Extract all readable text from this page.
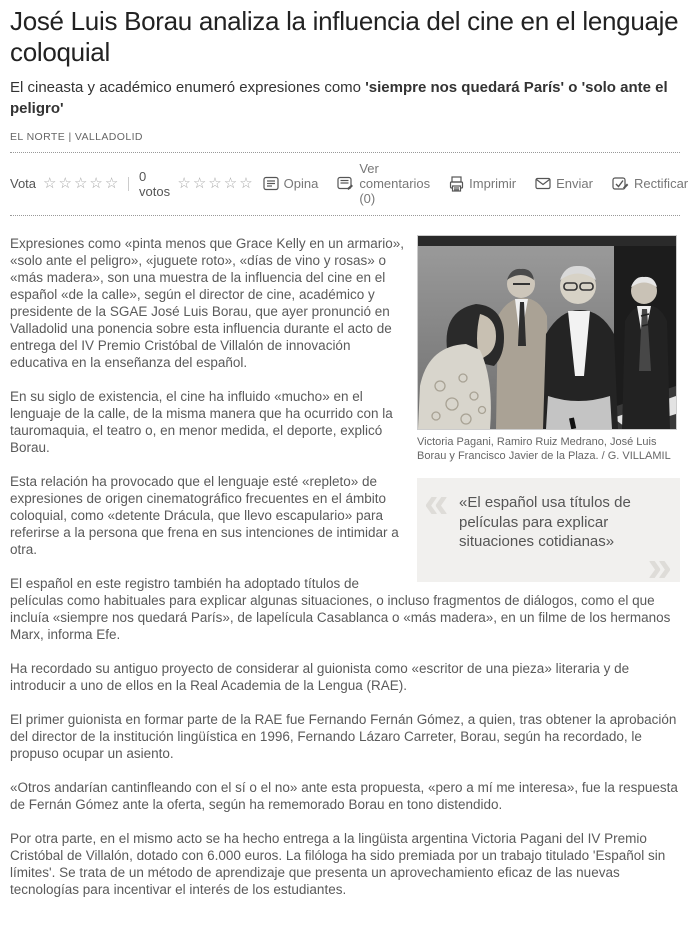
José Luis Borau analiza la influencia del cine en el lenguaje coloquial
El cineasta y académico enumeró expresiones como 'siempre nos quedará París' o 'solo ante el peligro'
EL NORTE | VALLADOLID
Vota ☆ ☆ ☆ ☆ ☆ 0 votos ☆ ☆ ☆ ☆ ☆ Opina
Ver comentarios (0)
Imprimir	Enviar	Rectificar
Victoria Pagani, Ramiro Ruiz Medrano, José Luis Borau y Francisco Javier de la Plaza. / G. VILLAMIL
« «El español usa títulos de películas para explicar situaciones cotidianas» »

Expresiones como «pinta menos que Grace Kelly en un armario», «solo ante el peligro», «juguete roto», «días de vino y rosas» o «más madera», son una muestra de la influencia del cine en el español «de la calle», según el director de cine, académico y presidente de la SGAE José Luis Borau, que ayer pronunció en Valladolid una ponencia sobre esta influencia durante el acto de entrega del IV Premio Cristóbal de Villalón de innovación educativa en la enseñanza del español.

En su siglo de existencia, el cine ha influido «mucho» en el lenguaje de la calle, de la misma manera que ha ocurrido con la tauromaquia, el teatro o, en menor medida, el deporte, explicó Borau.

Esta relación ha provocado que el lenguaje esté «repleto» de expresiones de origen cinematográfico frecuentes en el ámbito coloquial, como «detente Drácula, que llevo escapulario» para referirse a la persona que frena en sus intenciones de intimidar a otra.

El español en este registro también ha adoptado títulos de películas como habituales para explicar algunas situaciones, o incluso fragmentos de diálogos, como el que incluía «siempre nos quedará París», de lapelícula Casablanca o «más madera», en un filme de los hermanos Marx, informa Efe.

Ha recordado su antiguo proyecto de considerar al guionista como «escritor de una pieza» literaria y de introducir a uno de ellos en la Real Academia de la Lengua (RAE).

El primer guionista en formar parte de la RAE fue Fernando Fernán Gómez, a quien, tras obtener la aprobación del director de la institución lingüística en 1996, Fernando Lázaro Carreter, Borau, según ha recordado, le propuso ocupar un asiento.

«Otros andarían cantinfleando con el sí o el no» ante esta propuesta, «pero a mí me interesa», fue la respuesta de Fernán Gómez ante la oferta, según ha rememorado Borau en tono distendido.

Por otra parte, en el mismo acto se ha hecho entrega a la lingüista argentina Victoria Pagani del IV Premio Cristóbal de Villalón, dotado con 6.000 euros. La filóloga ha sido premiada por un trabajo titulado 'Español sin límites'. Se trata de un método de aprendizaje que presenta un aprovechamiento eficaz de las nuevas tecnologías para incentivar el interés de los estudiantes.
